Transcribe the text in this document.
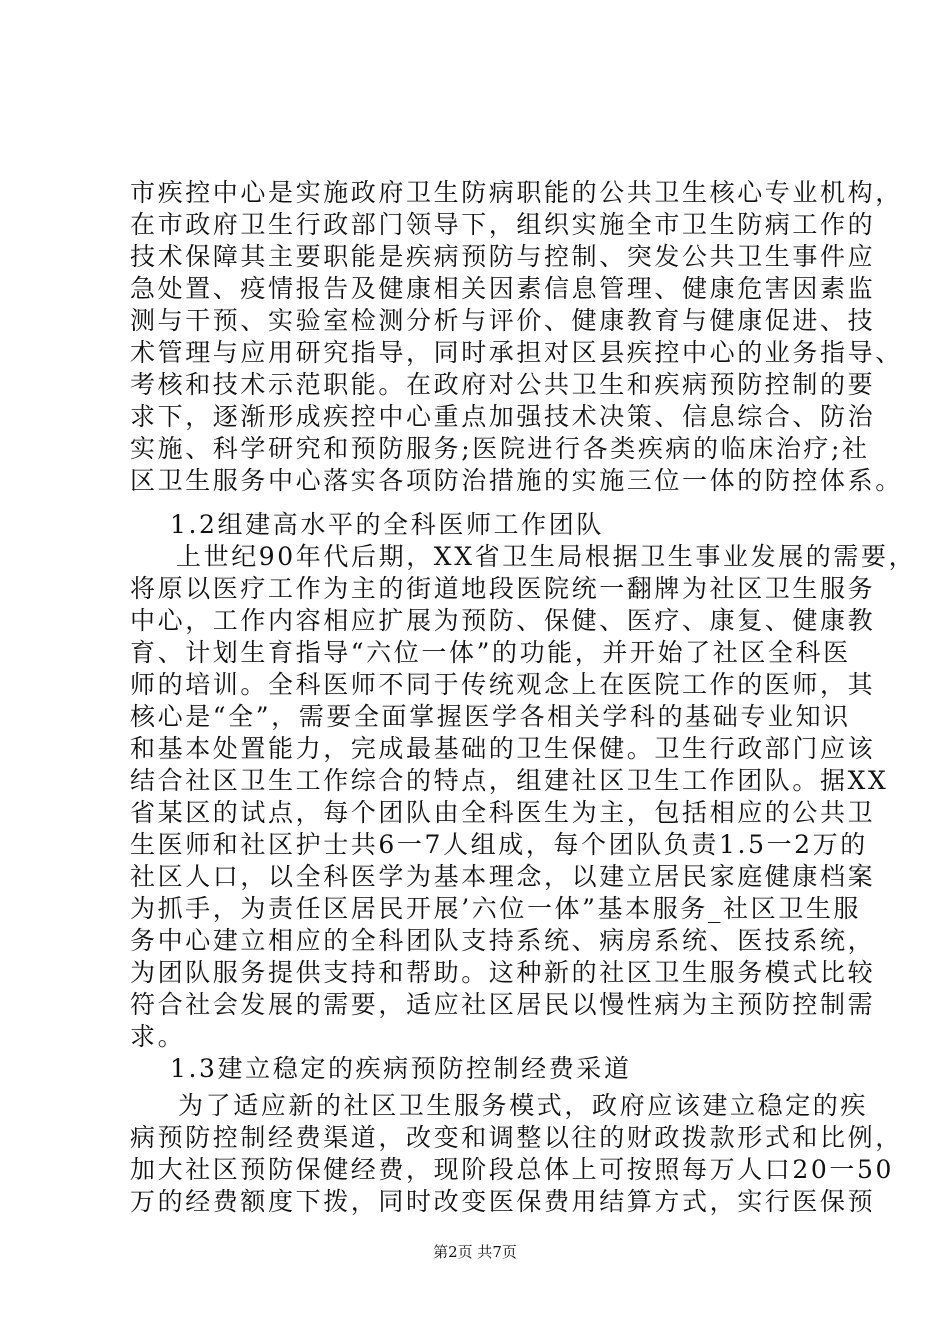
市疾控中心是实施政府卫生防病职能的公共卫生核心专业机构，
在市政府卫生行政部门领导下，组织实施全市卫生防病工作的
技术保障其主要职能是疾病预防与控制、突发公共卫生事件应
急处置、疫情报告及健康相关因素信息管理、健康危害因素监
测与干预、实验室检测分析与评价、健康教育与健康促进、技
术管理与应用研究指导，同时承担对区县疾控中心的业务指导、
考核和技术示范职能。在政府对公共卫生和疾病预防控制的要
求下，逐渐形成疾控中心重点加强技术决策、信息综合、防治
实施、科学研究和预防服务;医院进行各类疾病的临床治疗;社
区卫生服务中心落实各项防治措施的实施三位一体的防控体系。
1.2组建高水平的全科医师工作团队
上世纪90年代后期，XX省卫生局根据卫生事业发展的需要，
将原以医疗工作为主的街道地段医院统一翻牌为社区卫生服务
中心，工作内容相应扩展为预防、保健、医疗、康复、健康教
育、计划生育指导“六位一体”的功能，并开始了社区全科医
师的培训。全科医师不同于传统观念上在医院工作的医师，其
核心是“全”，需要全面掌握医学各相关学科的基础专业知识
和基本处置能力，完成最基础的卫生保健。卫生行政部门应该
结合社区卫生工作综合的特点，组建社区卫生工作团队。据XX
省某区的试点，每个团队由全科医生为主，包括相应的公共卫
生医师和社区护士共6一7人组成，每个团队负责1.5一2万的
社区人口，以全科医学为基本理念，以建立居民家庭健康档案
为抓手，为责任区居民开展’六位一体”基本服务_社区卫生服
务中心建立相应的全科团队支持系统、病房系统、医技系统，
为团队服务提供支持和帮助。这种新的社区卫生服务模式比较
符合社会发展的需要，适应社区居民以慢性病为主预防控制需
求。
1.3建立稳定的疾病预防控制经费采道
为了适应新的社区卫生服务模式，政府应该建立稳定的疾
病预防控制经费渠道，改变和调整以往的财政拨款形式和比例，
加大社区预防保健经费，现阶段总体上可按照每万人口20一50
万的经费额度下拨，同时改变医保费用结算方式，实行医保预
第2页 共7页
